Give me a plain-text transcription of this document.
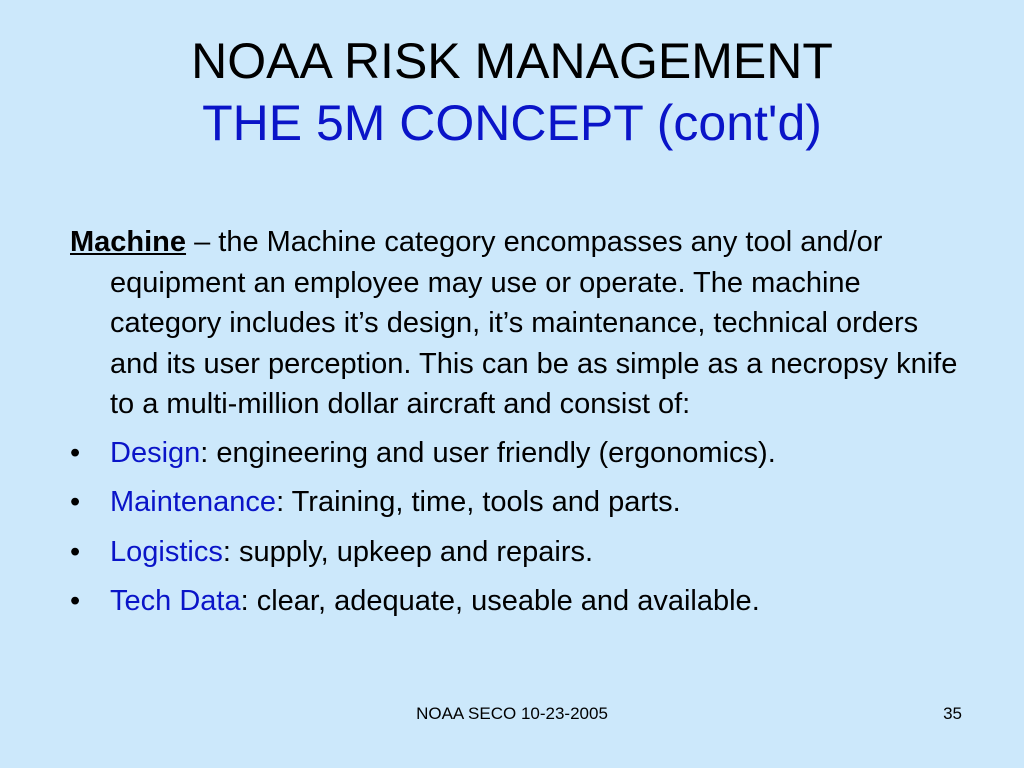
NOAA RISK MANAGEMENT
THE 5M CONCEPT (cont'd)

Machine – the Machine category encompasses any tool and/or equipment an employee may use or operate. The machine category includes it’s design, it’s maintenance, technical orders and its user perception. This can be as simple as a necropsy knife to a multi-million dollar aircraft and consist of:

•	Design: engineering and user friendly (ergonomics).
•	Maintenance: Training, time, tools and parts.
•	Logistics: supply, upkeep and repairs.
•	Tech Data: clear, adequate, useable and available.
NOAA SECO 10-23-2005	35
